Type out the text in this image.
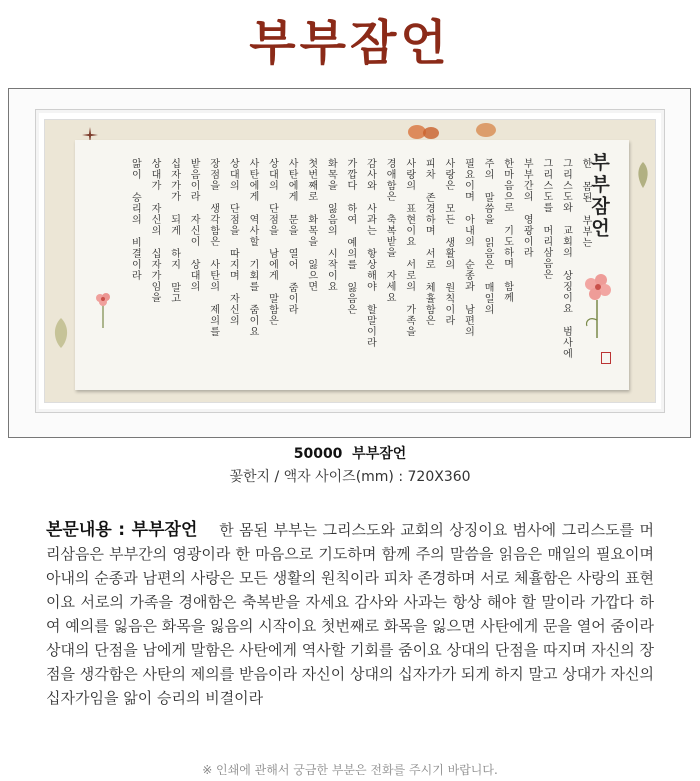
부부잠언
부부잠언
한 몸된 부부는
그리스도와 교회의 상징이요 범사에
그리스도를 머리삼음은
부부간의 영광이라
한마음으로 기도하며 함께
주의 말씀을 읽음은 매일의
필요이며 아내의 순종과 남편의
사랑은 모든 생활의 원칙이라
피차 존경하며 서로 체휼함은
사랑의 표현이요 서로의 가족을
경애함은 축복받을 자세요
감사와 사과는 항상해야 할말이라
가깝다 하여 예의를 잃음은
화목을 잃음의 시작이요
첫번째로 화목을 잃으면
사탄에게 문을 열어 줌이라
상대의 단점을 남에게 말함은
사탄에게 역사할 기회를 줌이요
상대의 단점을 따지며 자신의
장점을 생각함은 사탄의 제의를
받음이라 자신이 상대의
십자가가 되게 하지 말고
상대가 자신의 십자가임을
앎이 승리의 비결이라
50000  부부잠언
꽃한지 / 액자 사이즈(mm) : 720X360
본문내용 : 부부잠언 한 몸된 부부는 그리스도와 교회의 상징이요 범사에 그리스도를 머리삼음은 부부간의 영광이라 한 마음으로 기도하며 함께 주의 말씀을 읽음은 매일의 필요이며 아내의 순종과 남편의 사랑은 모든 생활의 원칙이라 피차 존경하며 서로 체휼함은 사랑의 표현이요 서로의 가족을 경애함은 축복받을 자세요 감사와 사과는 항상 해야 할 말이라 가깝다 하여 예의를 잃음은 화목을 잃음의 시작이요 첫번째로 화목을 잃으면 사탄에게 문을 열어 줌이라 상대의 단점을 남에게 말함은 사탄에게 역사할 기회를 줌이요 상대의 단점을 따지며 자신의 장점을 생각함은 사탄의 제의를 받음이라 자신이 상대의 십자가가 되게 하지 말고 상대가 자신의 십자가임을 앎이 승리의 비결이라
※ 인쇄에 관해서 궁금한 부분은 전화를 주시기 바랍니다.
